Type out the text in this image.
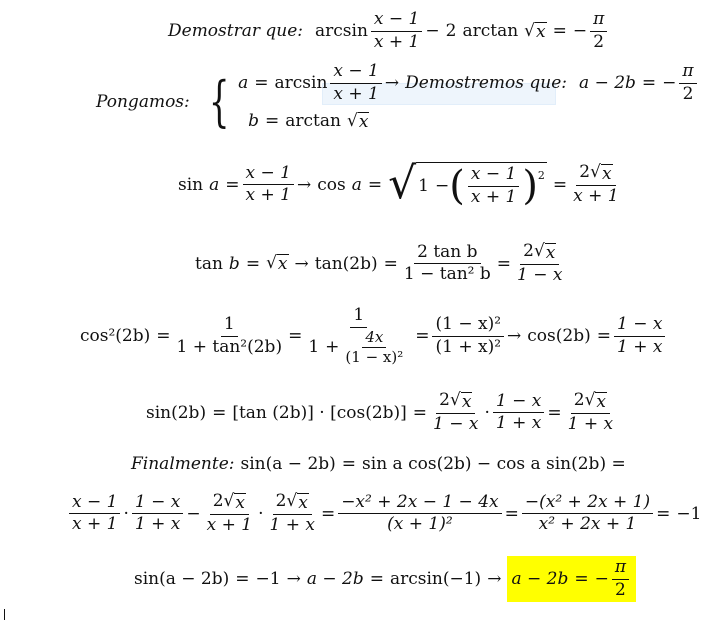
Demostrar que: $\arcsin \frac{x - 1}{x + 1} - 2$ arctan
√ x = − $\frac{\pi}{2}$
Pongamos: { $a = \arcsin \frac{x - 1}{x + 1}$ → Demostremos que: a − 2b = − $\frac{\pi}{2}$
b = arctan
√ x
$\sin a = \frac{x - 1}{x + 1} \to \cos a$ = √ 1 − ( $\frac{x - 1}{x + 1}$ ) 2 = 2
√ x
x + 1
tan b =
√ $x \to \tan(2b) = \frac{\text{2 tan b}}{\text{1 − tan² b}} = 2$
√ x
1 − x
$\cos^2(2b) = \frac{1}{\text{1 + tan²(2b)}} = \frac{1}{1 + \frac{4x}{\text{(1 − x)²}}} = \frac{\text{(1 − x)²}}{\text{(1 + x)²}} \to \cos(2b) = \frac{1 - x}{1 + x}$
sin(2b) = [tan (2b)] · [cos(2b)] = 2
√ x
$1 - x \cdot \frac{1 - x}{1 + x} = 2$
√ x
1 + x
Finalmente: sin(a − 2b) = sin a cos(2b) − cos a sin(2b) =
$\frac{x - 1}{x + 1} \cdot \frac{1 - x}{1 + x} - 2$
√ x
x + 1 · 2
√ x
$1 + x = \frac{\text{−x² + 2x − 1 − 4x}}{\text{(x + 1)²}} = \frac{\text{−(x² + 2x + 1)}}{\text{x² + 2x + 1}} = -1$
sin(a − 2b) = −1 → a − 2b = arcsin(−1) → a − 2b = − $\frac{\pi}{2}$
